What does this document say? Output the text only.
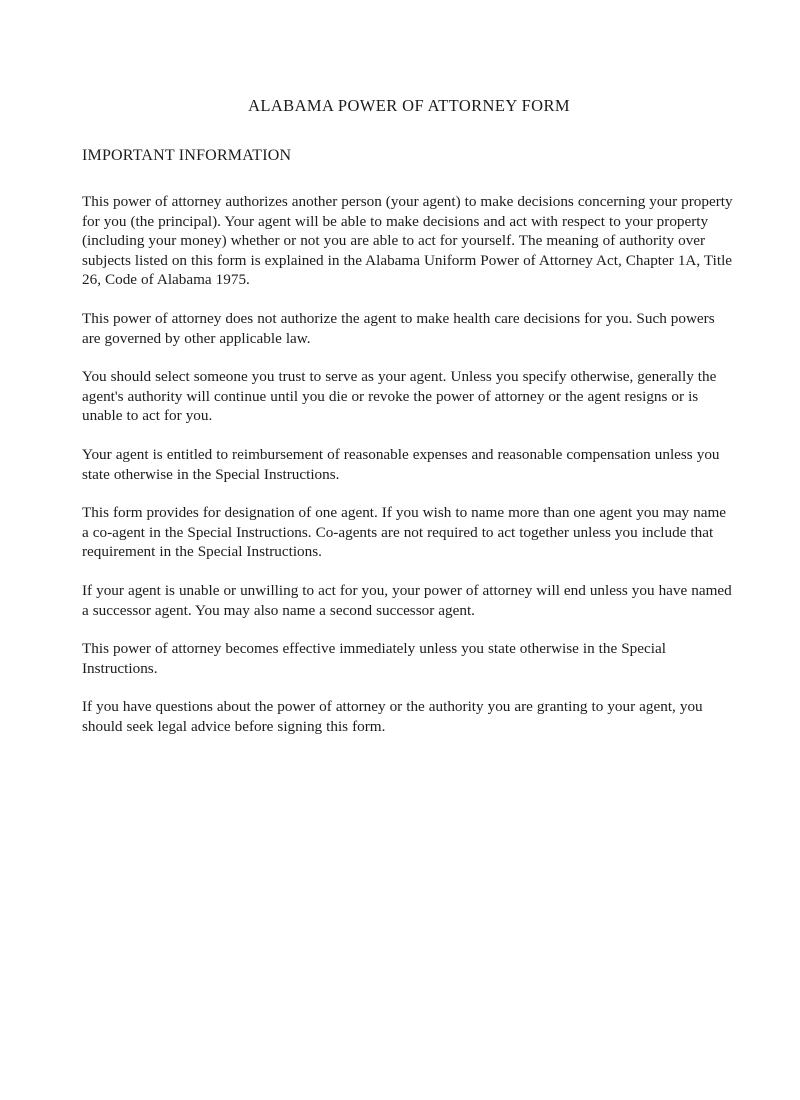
ALABAMA POWER OF ATTORNEY FORM
IMPORTANT INFORMATION

This power of attorney authorizes another person (your agent) to make decisions concerning your property for you (the principal). Your agent will be able to make decisions and act with respect to your property (including your money) whether or not you are able to act for yourself. The meaning of authority over subjects listed on this form is explained in the Alabama Uniform Power of Attorney Act, Chapter 1A, Title 26, Code of Alabama 1975.

This power of attorney does not authorize the agent to make health care decisions for you. Such powers are governed by other applicable law.

You should select someone you trust to serve as your agent. Unless you specify otherwise, generally the agent's authority will continue until you die or revoke the power of attorney or the agent resigns or is unable to act for you.

Your agent is entitled to reimbursement of reasonable expenses and reasonable compensation unless you state otherwise in the Special Instructions.

This form provides for designation of one agent. If you wish to name more than one agent you may name a co-agent in the Special Instructions. Co-agents are not required to act together unless you include that requirement in the Special Instructions.

If your agent is unable or unwilling to act for you, your power of attorney will end unless you have named a successor agent. You may also name a second successor agent.

This power of attorney becomes effective immediately unless you state otherwise in the Special Instructions.

If you have questions about the power of attorney or the authority you are granting to your agent, you should seek legal advice before signing this form.
